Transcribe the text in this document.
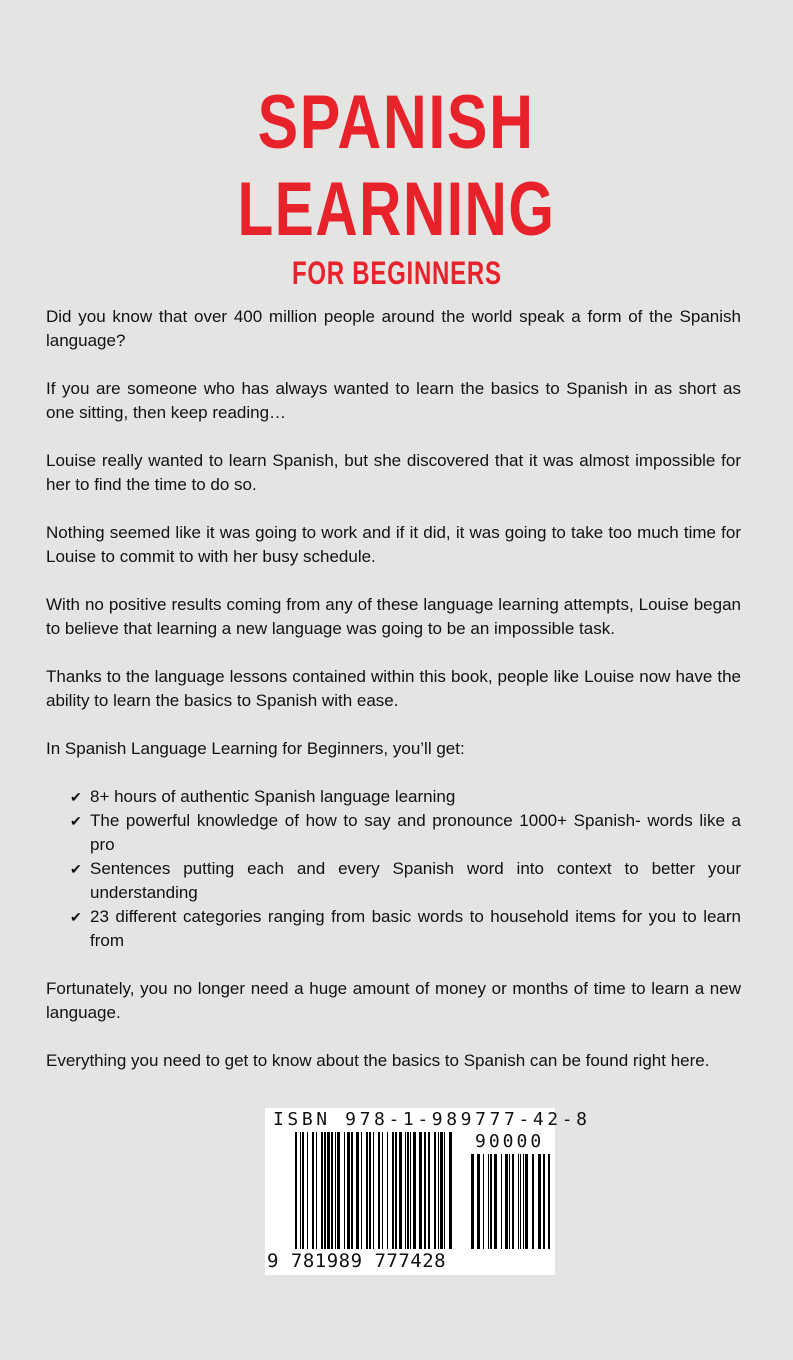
SPANISH
LEARNING
FOR BEGINNERS

Did you know that over 400 million people around the world speak a form of the Spanish language?

If you are someone who has always wanted to learn the basics to Spanish in as short as one sitting, then keep reading…

Louise really wanted to learn Spanish, but she discovered that it was almost impossible for her to find the time to do so.

Nothing seemed like it was going to work and if it did, it was going to take too much time for Louise to commit to with her busy schedule.

With no positive results coming from any of these language learning attempts, Louise began to believe that learning a new language was going to be an impossible task.

Thanks to the language lessons contained within this book, people like Louise now have the ability to learn the basics to Spanish with ease.

In Spanish Language Learning for Beginners, you’ll get:

✔ 8+ hours of authentic Spanish language learning
✔ The powerful knowledge of how to say and pronounce 1000+ Spanish- words like a pro
✔ Sentences putting each and every Spanish word into context to better your understanding
✔ 23 different categories ranging from basic words to household items for you to learn from

Fortunately, you no longer need a huge amount of money or months of time to learn a new language.

Everything you need to get to know about the basics to Spanish can be found right here.

ISBN 978-1-989777-42-8
90000
9 781989 777428
